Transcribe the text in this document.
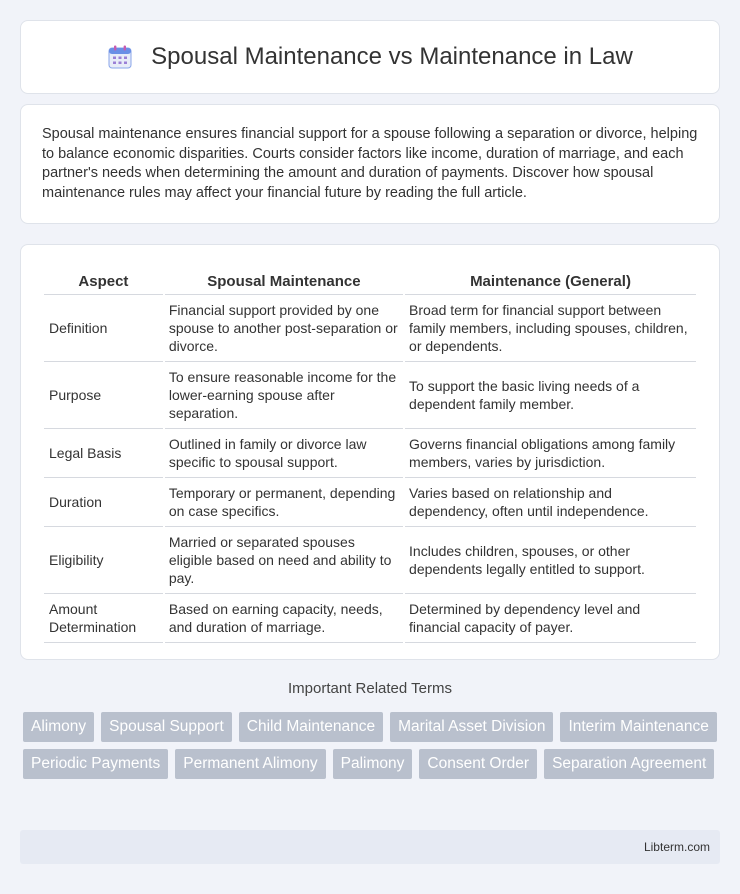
Spousal Maintenance vs Maintenance in Law

Spousal maintenance ensures financial support for a spouse following a separation or divorce, helping to balance economic disparities. Courts consider factors like income, duration of marriage, and each partner's needs when determining the amount and duration of payments. Discover how spousal maintenance rules may affect your financial future by reading the full article.

Aspect	Spousal Maintenance	Maintenance (General)
Definition	Financial support provided by one spouse to another post-separation or divorce.	Broad term for financial support between family members, including spouses, children, or dependents.
Purpose	To ensure reasonable income for the lower-earning spouse after separation.	To support the basic living needs of a dependent family member.
Legal Basis	Outlined in family or divorce law specific to spousal support.	Governs financial obligations among family members, varies by jurisdiction.
Duration	Temporary or permanent, depending on case specifics.	Varies based on relationship and dependency, often until independence.
Eligibility	Married or separated spouses eligible based on need and ability to pay.	Includes children, spouses, or other dependents legally entitled to support.
Amount Determination	Based on earning capacity, needs, and duration of marriage.	Determined by dependency level and financial capacity of payer.
Important Related Terms
Alimony	Spousal Support	Child Maintenance	Marital Asset Division	Interim Maintenance
Periodic Payments	Permanent Alimony	Palimony	Consent Order	Separation Agreement
Libterm.com
